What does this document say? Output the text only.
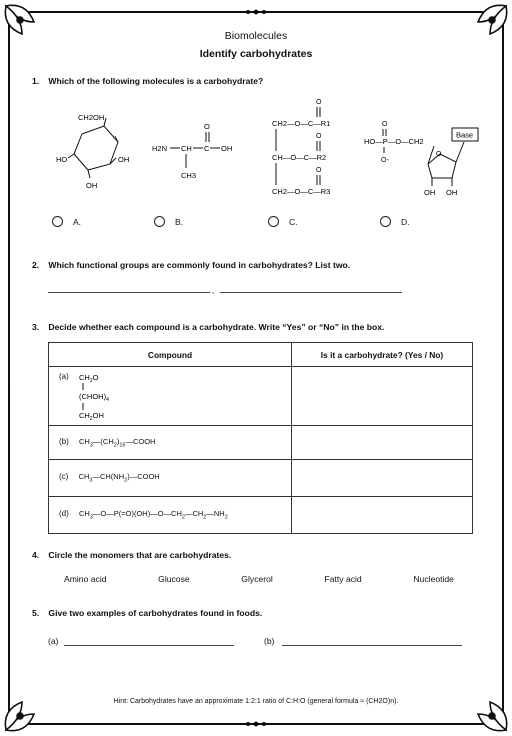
Biomolecules
Identify carbohydrates
1. Which of the following molecules is a carbohydrate?
CH2OH
HO	OH
OH
H2N CH C OH
O
CH3
CH2—O—C—R1
CH—O—C—R2
CH2—O—C—R3
O
O
O
O
HO—P—O—CH2
O-
Base
O
OH OH
A.	B.	C.	D.
2. Which functional groups are commonly found in carbohydrates? List two.
,
3. Decide whether each compound is a carbohydrate. Write “Yes” or “No” in the box.
Compound	Is it a carbohydrate? (Yes / No)

(a) $CH_2O$
$(CHOH)_4$
$CH_2OH$	

(b) $CH_3—(CH_2)_{16}—COOH$	
(c) $CH_3—CH(NH_2)—COOH$	
(d) $CH_3—O—P(=O)(OH)—O—CH_2—CH_2—NH_2$	
4. Circle the monomers that are carbohydrates.
Amino acid	Glucose	Glycerol	Fatty acid	Nucleotide
5. Give two examples of carbohydrates found in foods.
(a)	(b)
Hint: Carbohydrates have an approximate 1:2:1 ratio of C:H:O (general formula ≈ (CH2O)n).
